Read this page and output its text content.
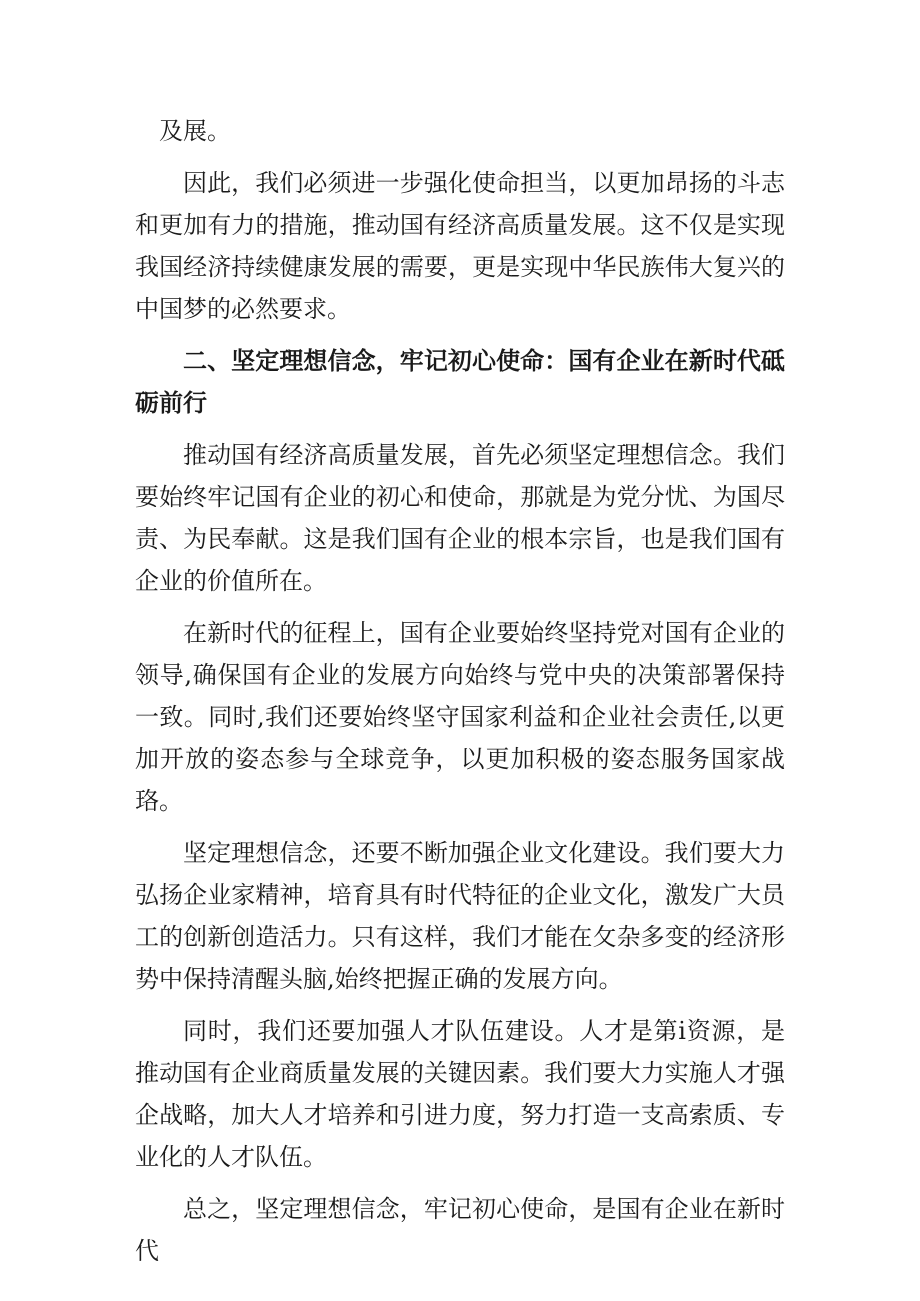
及展。

因此，我们必须进一步强化使命担当，以更加昂扬的斗志和更加有力的措施，推动国有经济高质量发展。这不仅是实现我国经济持续健康发展的需要，更是实现中华民族伟大复兴的中国梦的必然要求。

二、坚定理想信念，牢记初心使命：国有企业在新时代砥砺前行

推动国有经济高质量发展，首先必须坚定理想信念。我们要始终牢记国有企业的初心和使命，那就是为党分忧、为国尽责、为民奉献。这是我们国有企业的根本宗旨，也是我们国有企业的价值所在。

在新时代的征程上，国有企业要始终坚持党对国有企业的领导,确保国有企业的发展方向始终与党中央的决策部署保持一致。同时,我们还要始终坚守国家利益和企业社会责任,以更加开放的姿态参与全球竞争，以更加积极的姿态服务国家战珞。

坚定理想信念，还要不断加强企业文化建设。我们要大力弘扬企业家精神，培育具有时代特征的企业文化，激发广大员工的创新创造活力。只有这样，我们才能在攵杂多变的经济形势中保持清醒头脑,始终把握正确的发展方向。

同时，我们还要加强人才队伍建设。人才是第i资源，是推动国有企业商质量发展的关键因素。我们要大力实施人才强企战略，加大人才培养和引进力度，努力打造一支高索质、专业化的人才队伍。

总之，坚定理想信念，牢记初心使命，是国有企业在新时代
